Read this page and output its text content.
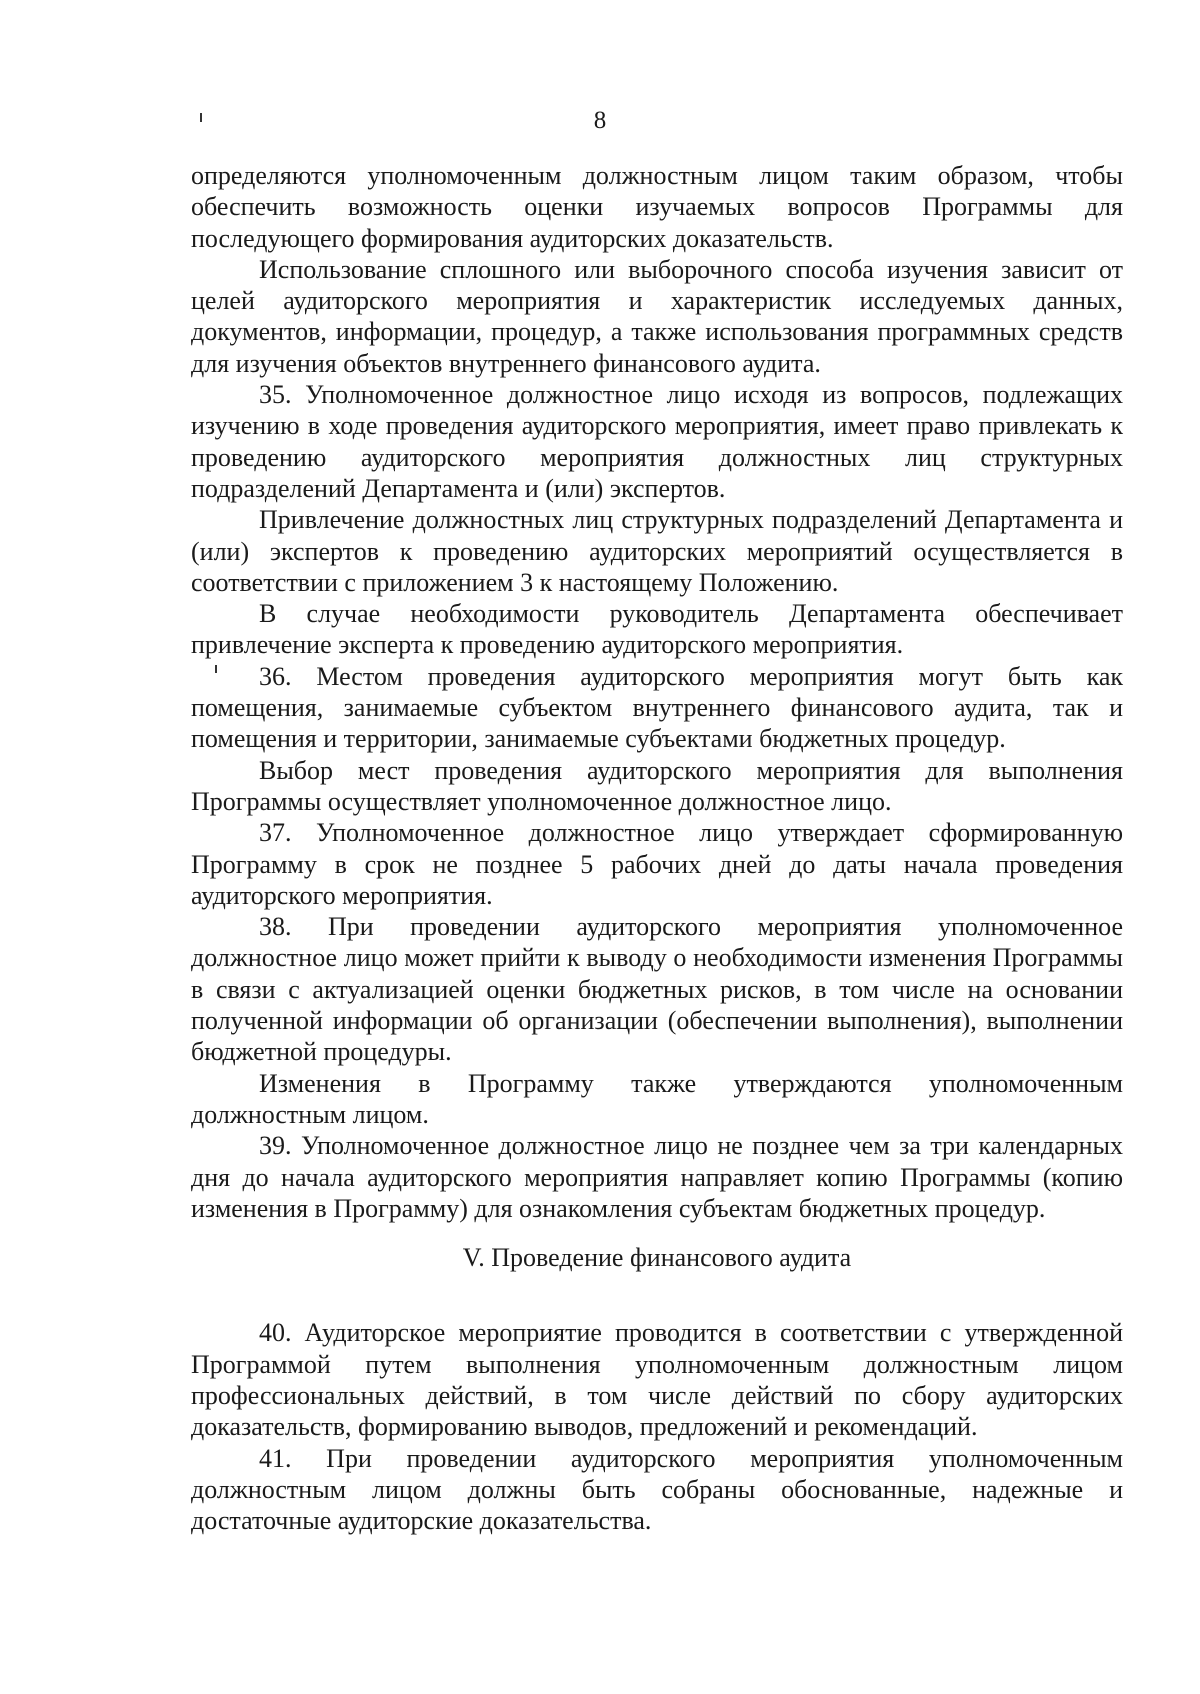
8

определяются уполномоченным должностным лицом таким образом, чтобы обеспечить возможность оценки изучаемых вопросов Программы для последующего формирования аудиторских доказательств.

Использование сплошного или выборочного способа изучения зависит от целей аудиторского мероприятия и характеристик исследуемых данных, документов, информации, процедур, а также использования программных средств для изучения объектов внутреннего финансового аудита.

35. Уполномоченное должностное лицо исходя из вопросов, подлежащих изучению в ходе проведения аудиторского мероприятия, имеет право привлекать к проведению аудиторского мероприятия должностных лиц структурных подразделений Департамента и (или) экспертов.

Привлечение должностных лиц структурных подразделений Департамента и (или) экспертов к проведению аудиторских мероприятий осуществляется в соответствии с приложением 3 к настоящему Положению.

В случае необходимости руководитель Департамента обеспечивает привлечение эксперта к проведению аудиторского мероприятия.

36. Местом проведения аудиторского мероприятия могут быть как помещения, занимаемые субъектом внутреннего финансового аудита, так и помещения и территории, занимаемые субъектами бюджетных процедур.

Выбор мест проведения аудиторского мероприятия для выполнения Программы осуществляет уполномоченное должностное лицо.

37. Уполномоченное должностное лицо утверждает сформированную Программу в срок не позднее 5 рабочих дней до даты начала проведения аудиторского мероприятия.

38. При проведении аудиторского мероприятия уполномоченное должностное лицо может прийти к выводу о необходимости изменения Программы в связи с актуализацией оценки бюджетных рисков, в том числе на основании полученной информации об организации (обеспечении выполнения), выполнении бюджетной процедуры.

Изменения в Программу также утверждаются уполномоченным должностным лицом.

39. Уполномоченное должностное лицо не позднее чем за три календарных дня до начала аудиторского мероприятия направляет копию Программы (копию изменения в Программу) для ознакомления субъектам бюджетных процедур.

V. Проведение финансового аудита

40. Аудиторское мероприятие проводится в соответствии с утвержденной Программой путем выполнения уполномоченным должностным лицом профессиональных действий, в том числе действий по сбору аудиторских доказательств, формированию выводов, предложений и рекомендаций.

41. При проведении аудиторского мероприятия уполномоченным должностным лицом должны быть собраны обоснованные, надежные и достаточные аудиторские доказательства.
